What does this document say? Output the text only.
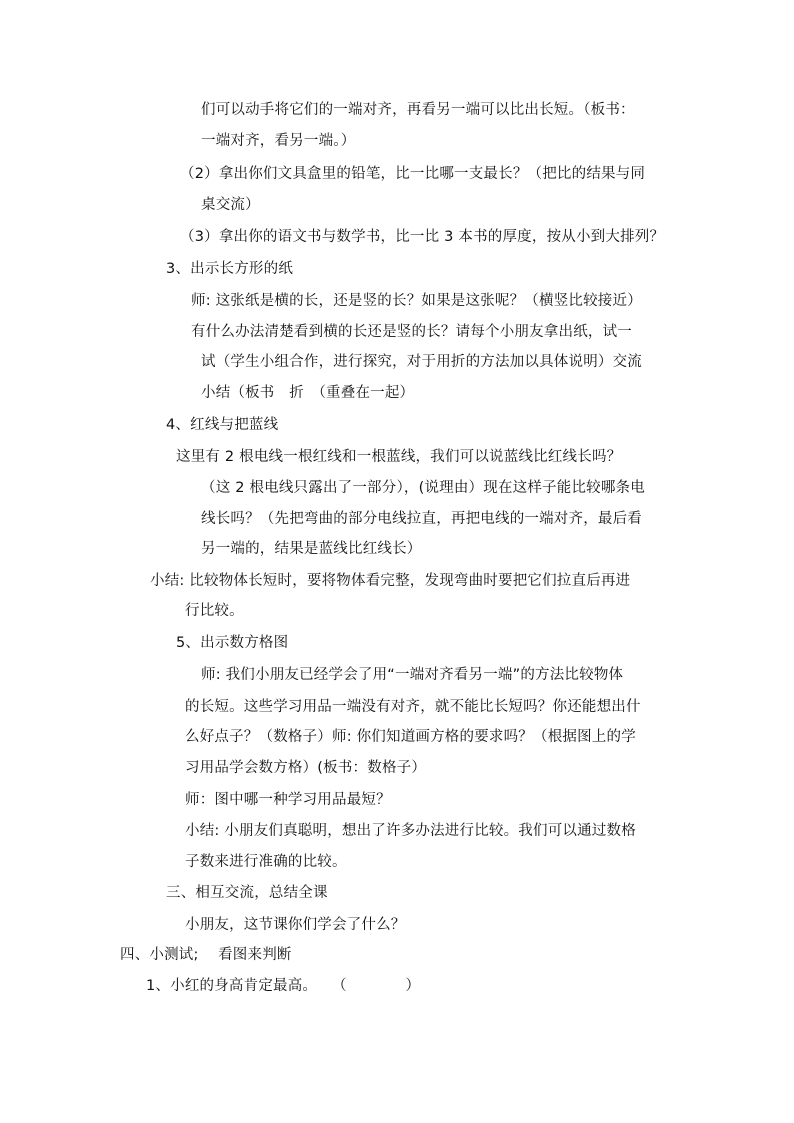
们可以动手将它们的一端对齐，再看另一端可以比出长短。（板书：
一端对齐，看另一端。）
（2）拿出你们文具盒里的铅笔，比一比哪一支最长？（把比的结果与同
桌交流）
（3）拿出你的语文书与数学书，比一比 3 本书的厚度，按从小到大排列？
3、出示长方形的纸
师: 这张纸是横的长，还是竖的长？如果是这张呢？（横竖比较接近）
有什么办法清楚看到横的长还是竖的长？请每个小朋友拿出纸，试一
试（学生小组合作，进行探究，对于用折的方法加以具体说明）交流
小结（板书　折　（重叠在一起）
4、红线与把蓝线
这里有 2 根电线一根红线和一根蓝线，我们可以说蓝线比红线长吗？
（这 2 根电线只露出了一部分），(说理由）现在这样子能比较哪条电
线长吗？（先把弯曲的部分电线拉直，再把电线的一端对齐，最后看
另一端的，结果是蓝线比红线长）
小结: 比较物体长短时，要将物体看完整，发现弯曲时要把它们拉直后再进
行比较。
5、出示数方格图
师: 我们小朋友已经学会了用“一端对齐看另一端”的方法比较物体
的长短。这些学习用品一端没有对齐，就不能比长短吗？你还能想出什
么好点子？（数格子）师: 你们知道画方格的要求吗？（根据图上的学
习用品学会数方格）(板书：数格子）
师：图中哪一种学习用品最短？
小结: 小朋友们真聪明，想出了许多办法进行比较。我们可以通过数格
子数来进行准确的比较。
三、相互交流，总结全课
小朋友，这节课你们学会了什么？
四、小测试;　 看图来判断
1、小红的身高肯定最高。　　（　　　　）
